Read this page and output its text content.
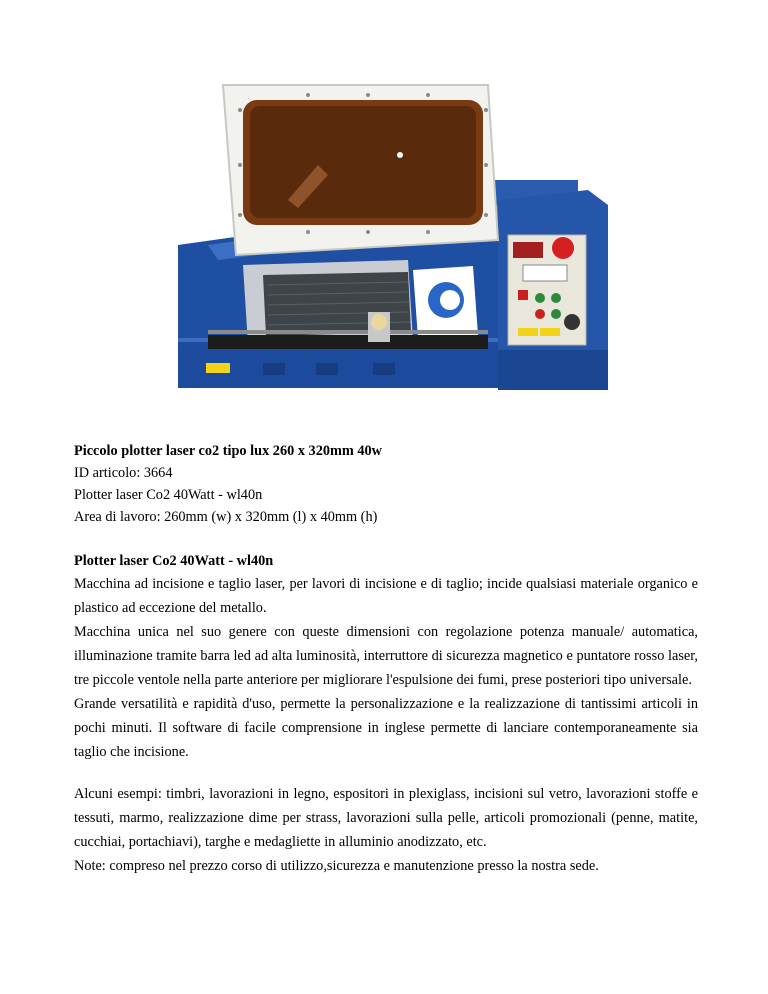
Piccolo plotter laser co2 tipo lux 260 x 320mm 40w

ID articolo: 3664

Plotter laser Co2 40Watt - wl40n

Area di lavoro: 260mm (w) x 320mm (l) x 40mm (h)

Plotter laser Co2 40Watt - wl40n

Macchina ad incisione e taglio laser, per lavori di incisione e di taglio; incide qualsiasi materiale organico e plastico ad eccezione del metallo.

Macchina unica nel suo genere con queste dimensioni con regolazione potenza manuale/ automatica, illuminazione tramite barra led ad alta luminosità, interruttore di sicurezza magnetico e puntatore rosso laser, tre piccole ventole nella parte anteriore per migliorare l'espulsione dei fumi, prese posteriori tipo universale.

Grande versatilità e rapidità d'uso, permette la personalizzazione e la realizzazione di tantissimi articoli in pochi minuti. Il software di facile comprensione in inglese permette di lanciare contemporaneamente sia taglio che incisione.

Alcuni esempi: timbri, lavorazioni in legno, espositori in plexiglass, incisioni sul vetro, lavorazioni stoffe e tessuti, marmo, realizzazione dime per strass, lavorazioni sulla pelle, articoli promozionali (penne, matite, cucchiai, portachiavi), targhe e medagliette in alluminio anodizzato, etc.

Note: compreso nel prezzo corso di utilizzo,sicurezza e manutenzione presso la nostra sede.
